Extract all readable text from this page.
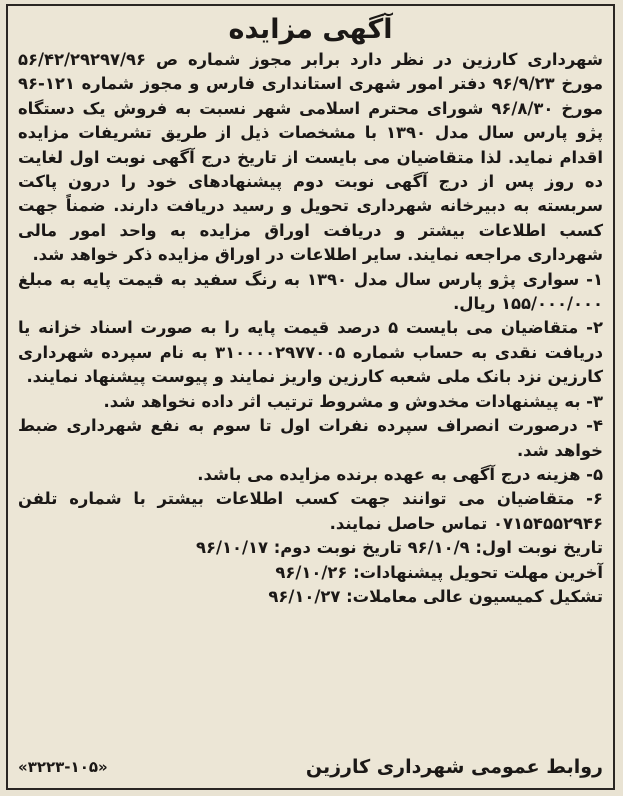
آگهی مزایده

شهرداری کارزین در نظر دارد برابر مجوز شماره ص ۵۶/۴۲/۲۹۲۹۷/۹۶ مورخ ۹۶/۹/۲۳ دفتر امور شهری استانداری فارس و مجوز شماره ۱۲۱-۹۶ مورخ ۹۶/۸/۳۰ شورای محترم اسلامی شهر نسبت به فروش یک دستگاه پژو پارس سال مدل ۱۳۹۰ با مشخصات ذیل از طریق تشریفات مزایده اقدام نماید. لذا متقاضیان می بایست از تاریخ درج آگهی نوبت اول لغایت ده روز پس از درج آگهی نوبت دوم پیشنهادهای خود را درون پاکت سربسته به دبیرخانه شهرداری تحویل و رسید دریافت دارند. ضمناً جهت کسب اطلاعات بیشتر و دریافت اوراق مزایده به واحد امور مالی شهرداری مراجعه نمایند. سایر اطلاعات در اوراق مزایده ذکر خواهد شد.

۱- سواری پژو پارس سال مدل ۱۳۹۰ به رنگ سفید به قیمت پایه به مبلغ ۱۵۵/۰۰۰/۰۰۰ ریال.

۲- متقاضیان می بایست ۵ درصد قیمت پایه را به صورت اسناد خزانه یا دریافت نقدی به حساب شماره ۳۱۰۰۰۰۲۹۷۷۰۰۵ به نام سپرده شهرداری کارزین نزد بانک ملی شعبه کارزین واریز نمایند و پیوست پیشنهاد نمایند.

۳- به پیشنهادات مخدوش و مشروط ترتیب اثر داده نخواهد شد.

۴- درصورت انصراف سپرده نفرات اول تا سوم به نفع شهرداری ضبط خواهد شد.

۵- هزینه درج آگهی به عهده برنده مزایده می باشد.

۶- متقاضیان می توانند جهت کسب اطلاعات بیشتر با شماره تلفن ۰۷۱۵۴۵۵۲۹۴۶ تماس حاصل نمایند.

تاریخ نوبت اول: ۹۶/۱۰/۹ تاریخ نوبت دوم: ۹۶/۱۰/۱۷
آخرین مهلت تحویل پیشنهادات: ۹۶/۱۰/۲۶
تشکیل کمیسیون عالی معاملات: ۹۶/۱۰/۲۷
روابط عمومی شهرداری کارزین
«۳۲۲۳-۱۰۵»
